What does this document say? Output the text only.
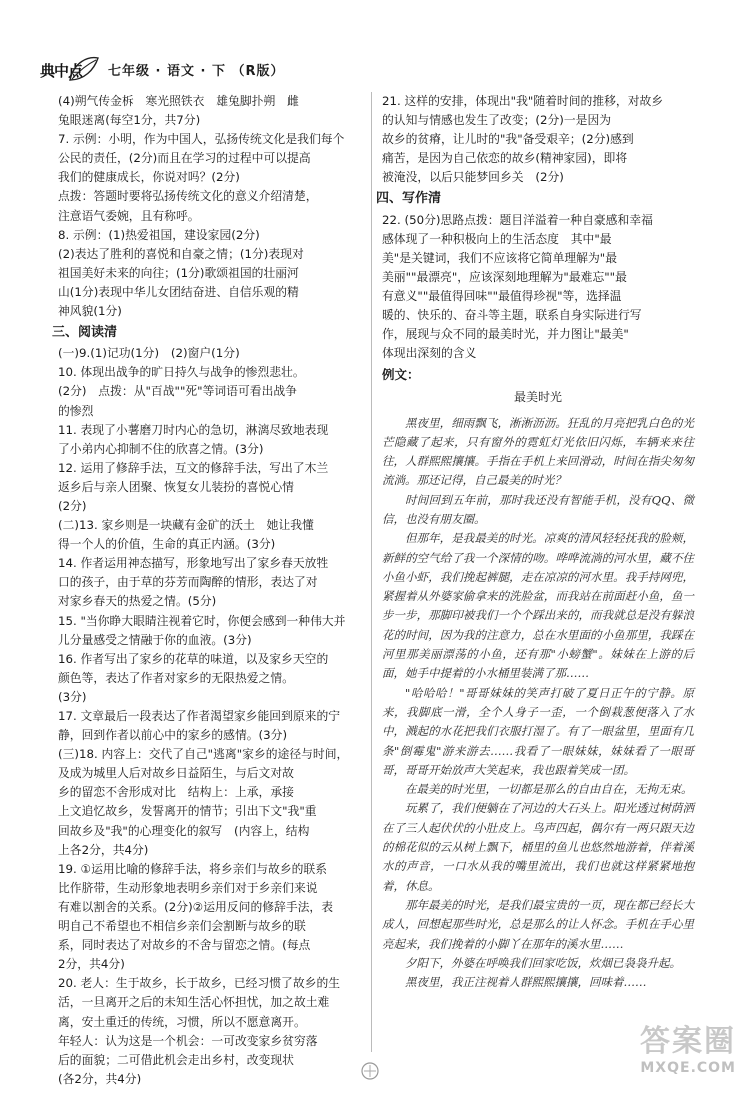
典中点 七年级 · 语文 · 下 （R版）
(4)朔气传金柝　寒光照铁衣　雄兔脚扑朔　雌
兔眼迷离(每空1分，共7分)
7. 示例：小明，作为中国人，弘扬传统文化是我们每个
公民的责任，(2分)而且在学习的过程中可以提高
我们的健康成长，你说对吗？(2分)
点拨：答题时要将弘扬传统文化的意义介绍清楚，
注意语气委婉，且有称呼。
8. 示例：(1)热爱祖国，建设家园(2分)
(2)表达了胜利的喜悦和自豪之情；(1分)表现对
祖国美好未来的向往；(1分)歌颂祖国的壮丽河
山(1分)表现中华儿女团结奋进、自信乐观的精
神风貌(1分)
三、阅读清
(一)9.(1)记功(1分)　(2)窗户(1分)
10. 体现出战争的旷日持久与战争的惨烈悲壮。
(2分)　点拨：从"百战""死"等词语可看出战争
的惨烈
11. 表现了小薯磨刀时内心的急切，淋漓尽致地表现
了小弟内心抑制不住的欣喜之情。(3分)
12. 运用了修辞手法，互文的修辞手法，写出了木兰
返乡后与亲人团聚、恢复女儿装扮的喜悦心情
(2分)
(二)13. 家乡则是一块藏有金矿的沃土　她让我懂
得一个人的价值，生命的真正内涵。(3分)
14. 作者运用神态描写，形象地写出了家乡春天放牲
口的孩子，由于草的芬芳而陶醉的情形，表达了对
对家乡春天的热爱之情。(5分)
15. "当你睁大眼睛注视着它时，你便会感到一种伟大并
儿分量感受之情融于你的血液。(3分)
16. 作者写出了家乡的花草的味道，以及家乡天空的
颜色等，表达了作者对家乡的无限热爱之情。
(3分)
17. 文章最后一段表达了作者渴望家乡能回到原来的宁
静，回到作者以前心中的家乡的感情。(3分)
(三)18. 内容上：交代了自己"逃离"家乡的途径与时间，
及成为城里人后对故乡日益陌生，与后文对故
乡的留恋不舍形成对比　结构上：上承，承接
上文追忆故乡，发誓离开的情节；引出下文"我"重
回故乡及"我"的心理变化的叙写　(内容上，结构
上各2分，共4分)
19. ①运用比喻的修辞手法，将乡亲们与故乡的联系
比作脐带，生动形象地表明乡亲们对于乡亲们来说
有难以割舍的关系。(2分)②运用反问的修辞手法，表
明自己不希望也不相信乡亲们会割断与故乡的联
系，同时表达了对故乡的不舍与留恋之情。(每点
2分，共4分)
20. 老人：生于故乡，长于故乡，已经习惯了故乡的生
活，一旦离开之后的未知生活心怀担忧，加之故土难
离，安土重迁的传统，习惯，所以不愿意离开。
年轻人：认为这是一个机会：一可改变家乡贫穷落
后的面貌；二可借此机会走出乡村，改变现状
(各2分，共4分)
21. 这样的安排，体现出"我"随着时间的推移，对故乡
的认知与情感也发生了改变；(2分)一是因为
故乡的贫瘠，让儿时的"我"备受艰辛；(2分)感到
痛苦，是因为自己依恋的故乡(精神家园)，即将
被淹没，以后只能梦回乡关　(2分)
四、写作清
22. (50分)思路点拨：题目洋溢着一种自豪感和幸福
感体现了一种积极向上的生活态度　其中"最
美"是关键词，我们不应该将它简单理解为"最
美丽""最漂亮"，应该深刻地理解为"最难忘""最
有意义""最值得回味""最值得珍视"等，选择温
暖的、快乐的、奋斗等主题，联系自身实际进行写
作，展现与众不同的最美时光，并力图让"最美"
体现出深刻的含义
例文：
最美时光

黑夜里，细雨飘飞，淅淅沥沥。狂乱的月亮把乳白色的光芒隐藏了起来，只有窗外的霓虹灯光依旧闪烁，车辆来来往往，人群熙熙攘攘。手指在手机上来回滑动，时间在指尖匆匆流淌。那还记得，自己最美的时光？

时间回到五年前，那时我还没有智能手机，没有QQ、微信，也没有朋友圈。

但那年，是我最美的时光。凉爽的清风轻轻抚我的脸颊，新鲜的空气给了我一个深情的吻。哗哗流淌的河水里，藏不住小鱼小虾，我们挽起裤腿，走在凉凉的河水里。我手持网兜，紧握着从外婆家偷拿来的洗脸盆，而我站在前面赶小鱼，鱼一步一步，那脚印被我们一个个踩出来的，而我就总是没有躲浪花的时间，因为我的注意力，总在水里面的小鱼那里，我踩在河里那美丽漂荡的小鱼，还有那"小螃蟹"。妹妹在上游的后面，她手中提着的小水桶里装满了那……

"哈哈哈！"哥哥妹妹的笑声打破了夏日正午的宁静。原来，我脚底一滑，全个人身子一歪，一个倒栽葱便落入了水中，溅起的水花把我们衣服打湿了。有了一眼盆里，里面有几条"倒霉鬼"游来游去……我看了一眼妹妹，妹妹看了一眼哥哥，哥哥开始放声大笑起来，我也跟着笑成一团。

在最美的时光里，一切都是那么的自由自在，无拘无束。

玩累了，我们便躺在了河边的大石头上。阳光透过树荫洒在了三人起伏伏的小肚皮上。鸟声四起，偶尔有一两只跟天边的棉花似的云从树上飘下，桶里的鱼儿也悠然地游着，伴着溪水的声音，一口水从我的嘴里流出，我们也就这样紧紧地抱着，休息。

那年最美的时光，是我们最宝贵的一页，现在都已经长大成人，回想起那些时光，总是那么的让人怀念。手机在手心里亮起来，我们挽着的小脚丫在那年的溪水里……

夕阳下，外婆在呼唤我们回家吃饭，炊烟已袅袅升起。

黑夜里，我正注视着人群熙熙攘攘，回味着……

答案圈
MXQE.COM
